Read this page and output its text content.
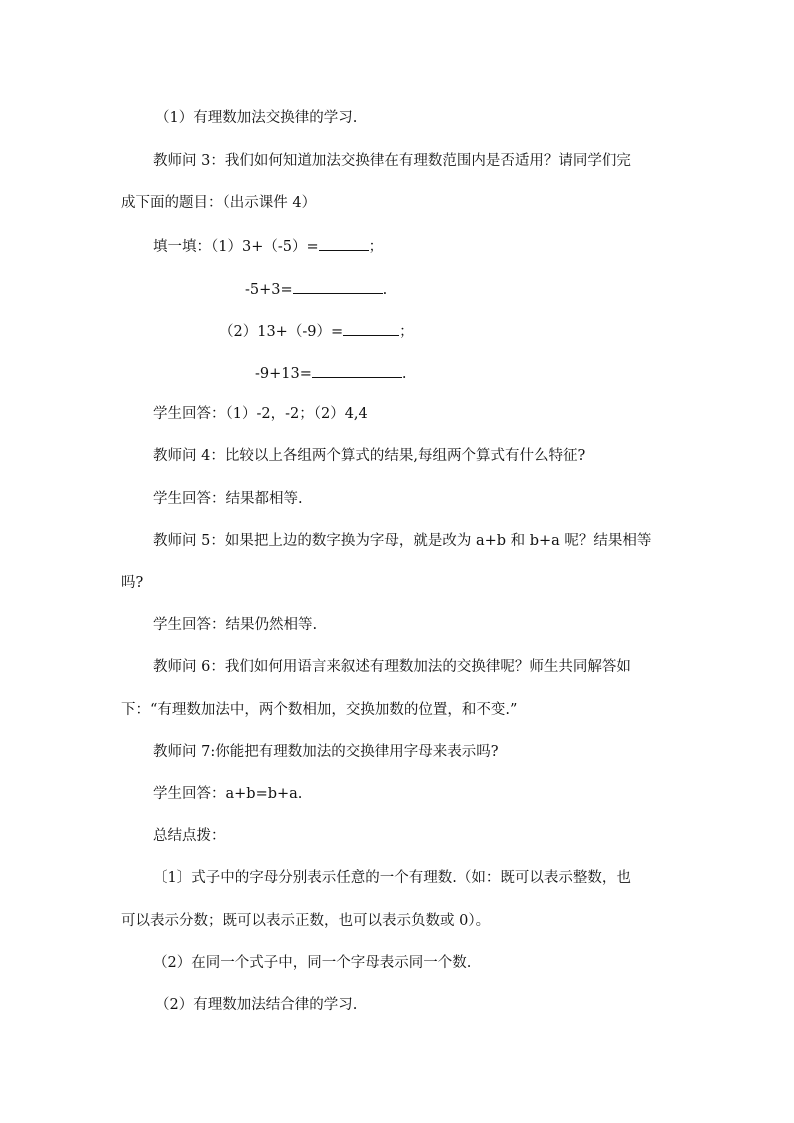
（1）有理数加法交换律的学习.
教师问 3：我们如何知道加法交换律在有理数范围内是否适用？请同学们完
成下面的题目：（出示课件 4）
填一填：（1）3+（-5）=	；
-5+3=	.
（2）13+（-9）=	；
-9+13=	.
学生回答：（1）-2，-2；（2）4,4
教师问 4：比较以上各组两个算式的结果,每组两个算式有什么特征?
学生回答：结果都相等.
教师问 5：如果把上边的数字换为字母，就是改为 a+b 和 b+a 呢？结果相等
吗?
学生回答：结果仍然相等.
教师问 6：我们如何用语言来叙述有理数加法的交换律呢？师生共同解答如
下：“有理数加法中，两个数相加，交换加数的位置，和不变.”
教师问 7:你能把有理数加法的交换律用字母来表示吗?
学生回答：a+b=b+a.
总结点拨：
〔1〕式子中的字母分别表示任意的一个有理数.（如：既可以表示整数，也
可以表示分数；既可以表示正数，也可以表示负数或 0）。
（2）在同一个式子中，同一个字母表示同一个数.
（2）有理数加法结合律的学习.
